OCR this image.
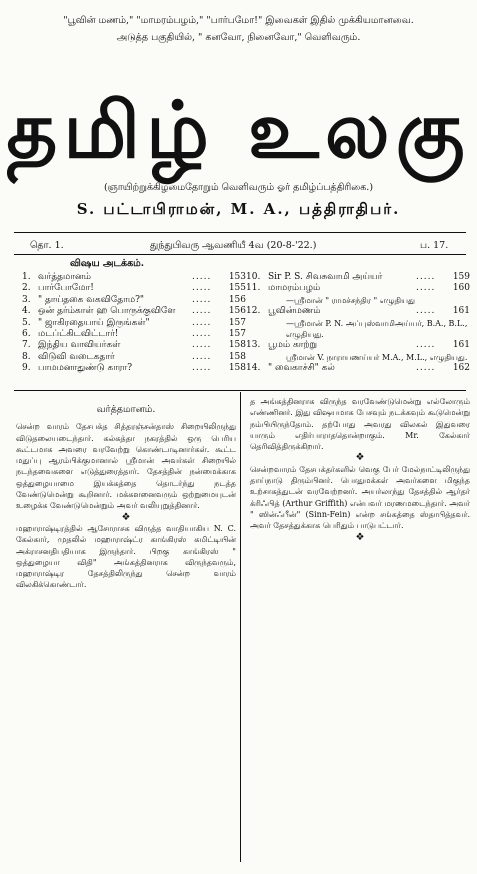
"பூவின் மணம்," "மாமரம்பழம்," "பார்பமோ!" இவைகள் இதில் முக்கியமானவை.
அடுத்த பகுதியில், " கனவோ, நினைவோ," வெளிவரும்.
தமிழ் உலகு
(ஞாயிற்றுக்கிழமைதோறும் வெளிவரும் ஓர் தமிழ்ப்பத்திரிகை.)
S. பட்டாபிராமன், M. A., பத்திராதிபர்.
தொ. 1.	துந்துபிவரு ஆவணியீ 4வ (20-8-'22.)	ப. 17.
விஷய அடக்கம்.
1. வர்த்தமானம்	.....	153
2. பார்போமோ!	.....	155
3. " தாய்தகை வகவிதோம?"	.....	156
4. ஒன் தர்ம்காள் ஹ பொருக்குவிளே	.....	156
5. " ஜாகிரதையாய் இருங்கள்"	.....	157
6. மடப்ட்கிடவிட்டார்!	.....	157
7. இந்திய வாவியர்கள்	.....	158
8. விடுவி வடைகதார்	.....	158
9. பாமமனாதுண்டு காரா?	.....	158
10. Sir P. S. சிவசுவாமி அய்யர்	.....	159
11. மாமரம்பழம்	.....	160
—ஸ்ரீமான் " ராமச்சந்திர " எழுதியது
12. பூவின்மணம்	.....	161
—ஸ்ரீமான் P. N. அப்புஸ்வாமிஅய்யர், B.A., B.L., எழுதியது.
13. பூமம் காற்று	.....	161
ஸ்ரீமான் V. நாராயணய்யர் M.A., M.L., எழுதியது.
14. " வைகாச்சி" கல்	.....	162
வர்த்தமானம்.

சென்ற வாரம் தேசபக்த சித்தரஞ்சன்தாஸ் சிறையிலிருந்து விடுதலையடைந்தார். கல்கத்தா நகரத்தில் ஒரு பெரிய கூட்டமாக அவரை வரவேற்று கொண்டாடினார்கள். கூட்ட மதுப்பு ஆரம்பிக்குமானால் ஸ்ரீமான் அவர்கள் சிறையில் நடந்தவைகளை எடுத்துரைத்தார். தேசத்தின் நன்மைக்காக ஒத்துழையாமை இயக்கத்தை தொடர்ந்து நடத்த வேண்டுமென்று கூறினார். மக்களனைவரும் ஒற்றுமையுடன் உழைக்க வேண்டுமென்றும் அவர் வலியுறுத்தினார்.

❖

மஹாராஷ்டிரத்தில் ஆசோராசக விருத்த வாதியாகிய N. C. கேல்கார், முதலில் மஹாராஷ்ட்ர காங்கிரஸ் கமிட்டியின் அக்ராசனதிபதியாக இருந்தார். பிறகு காங்கிரஸ் " ஒத்துழையா விதி" அங்கத்தினராக விருந்தவரும், மஹாராஷ்டிர தேசத்திலிருந்து சென்ற வாரம் விலகிக்கொண்டார்.

த அங்கத்தினராக விருந்த வரவேண்டுமென்று எல்லோரும் எண்ணினர். இது விஷயமாக பேசவும் நடக்கவும் கூடுமென்று நம்பியிருந்தோம். தற்போது அவரது விலகல் இதுவரை யாரும் எதிர்பாராததொன்றாகும். Mr. கேல்கார் தெரிவித்திருக்கிறார்.

❖

சென்றவாரம் தேசபக்தர்களில் வெகு பேர் மேல்நாட்டிலிருந்து தாய்நாடு திரும்பினர். பொதுமக்கள் அவர்களை மிகுந்த உற்சாகத்துடன் வரவேற்றனர். அயர்லாந்து தேசத்தில் ஆர்தர் க்ரிஃபித் (Arthur Griffith) என்பவர் மரணமடைந்தார். அவர் " ஸின்ஃபீன்" (Sinn-Fein) என்ற சங்கத்தை ஸ்தாபித்தவர். அவர் தேசத்துக்காக பெரிதும் பாடுபட்டார்.

❖
